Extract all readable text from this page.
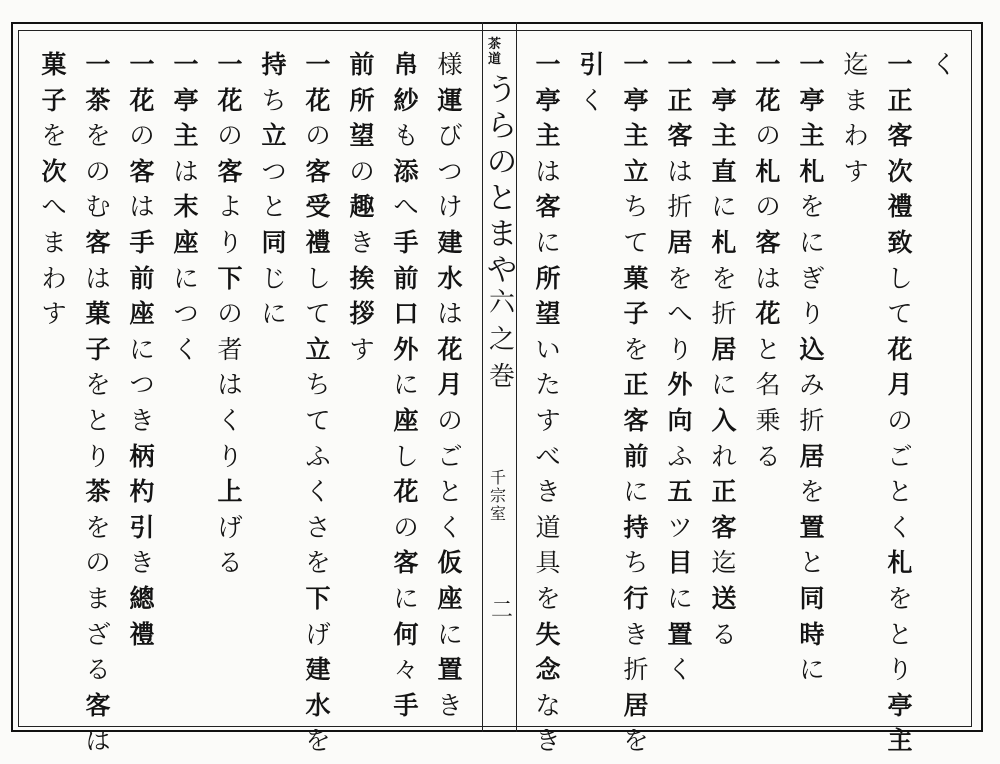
茶
道
う
ら
の
と
ま
や
六
之
巻
千
宗
室
二
く
一
正
客
次
禮
致
し
て
花
月
の
ご
と
く
札
を
と
り
亭
主
迄
ま
わ
す
一
亭
主
札
を
に
ぎ
り
込
み
折
居
を
置
と
同
時
に
一
花
の
札
の
客
は
花
と
名
乗
る
一
亭
主
直
に
札
を
折
居
に
入
れ
正
客
迄
送
る
一
正
客
は
折
居
を
へ
り
外
向
ふ
五
ツ
目
に
置
く
一
亭
主
立
ち
て
菓
子
を
正
客
前
に
持
ち
行
き
折
居
を
引
く
一
亭
主
は
客
に
所
望
い
た
す
べ
き
道
具
を
失
念
な
き
様
運
び
つ
け
建
水
は
花
月
の
ご
と
く
仮
座
に
置
き
帛
紗
も
添
へ
手
前
口
外
に
座
し
花
の
客
に
何
々
手
前
所
望
の
趣
き
挨
拶
す
一
花
の
客
受
禮
し
て
立
ち
て
ふ
く
さ
を
下
げ
建
水
を
持
ち
立
つ
と
同
じ
に
一
花
の
客
よ
り
下
の
者
は
く
り
上
げ
る
一
亭
主
は
末
座
に
つ
く
一
花
の
客
は
手
前
座
に
つ
き
柄
杓
引
き
總
禮
一
茶
を
の
む
客
は
菓
子
を
と
り
茶
を
の
ま
ざ
る
客
は
菓
子
を
次
へ
ま
わ
す
